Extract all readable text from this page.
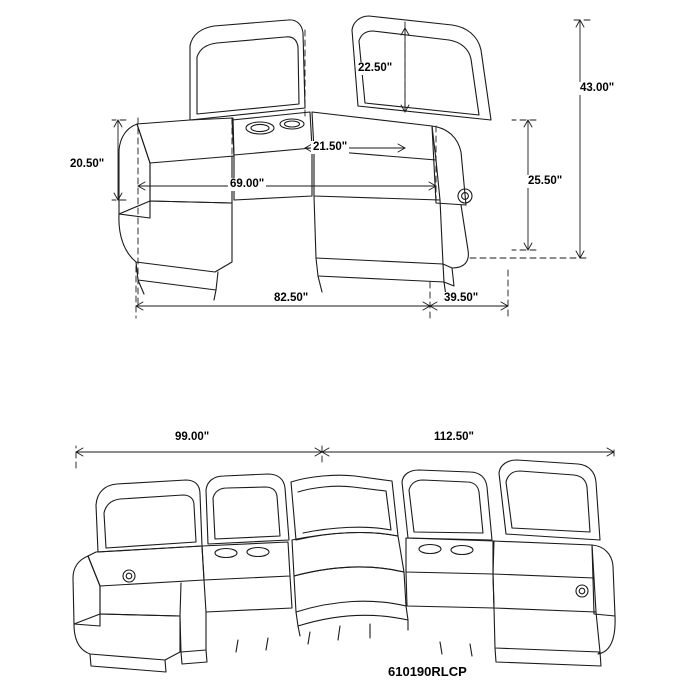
43.00"
22.50"
21.50"
20.50"
25.50"
69.00"
82.50"	39.50"
99.00"	112.50"
610190RLCP
